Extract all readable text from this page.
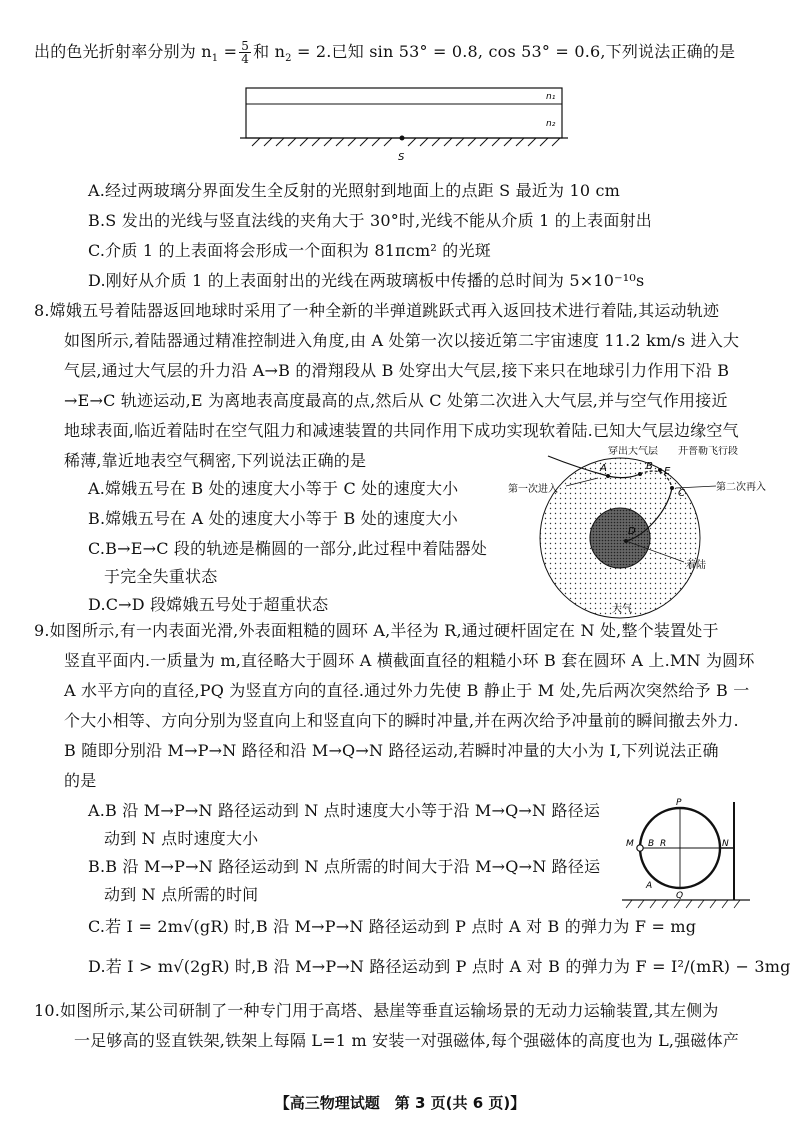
出的色光折射率分别为 $n_1 = \frac{5}{4}$ 和 $n_2 = 2$.已知 sin 53° = 0.8, cos 53° = 0.6,下列说法正确的是
n₁
n₂
S
A.经过两玻璃分界面发生全反射的光照射到地面上的点距 S 最近为 10 cm
B.S 发出的光线与竖直法线的夹角大于 30°时,光线不能从介质 1 的上表面射出
C.介质 1 的上表面将会形成一个面积为 81πcm² 的光斑
D.刚好从介质 1 的上表面射出的光线在两玻璃板中传播的总时间为 5×10⁻¹⁰s
8.嫦娥五号着陆器返回地球时采用了一种全新的半弹道跳跃式再入返回技术进行着陆,其运动轨迹
如图所示,着陆器通过精准控制进入角度,由 A 处第一次以接近第二宇宙速度 11.2 km/s 进入大
气层,通过大气层的升力沿 A→B 的滑翔段从 B 处穿出大气层,接下来只在地球引力作用下沿 B
→E→C 轨迹运动,E 为离地表高度最高的点,然后从 C 处第二次进入大气层,并与空气作用接近
地球表面,临近着陆时在空气阻力和减速装置的共同作用下成功实现软着陆.已知大气层边缘空气
稀薄,靠近地表空气稠密,下列说法正确的是
A.嫦娥五号在 B 处的速度大小等于 C 处的速度大小
B.嫦娥五号在 A 处的速度大小等于 B 处的速度大小
C.B→E→C 段的轨迹是椭圆的一部分,此过程中着陆器处
于完全失重状态
D.C→D 段嫦娥五号处于超重状态
A	B E
C
D
穿出大气层 开普勒飞行段
第一次进入	第二次再入
着陆
大气
9.如图所示,有一内表面光滑,外表面粗糙的圆环 A,半径为 R,通过硬杆固定在 N 处,整个装置处于
竖直平面内.一质量为 m,直径略大于圆环 A 横截面直径的粗糙小环 B 套在圆环 A 上.MN 为圆环
A 水平方向的直径,PQ 为竖直方向的直径.通过外力先使 B 静止于 M 处,先后两次突然给予 B 一
个大小相等、方向分别为竖直向上和竖直向下的瞬时冲量,并在两次给予冲量前的瞬间撤去外力.
B 随即分别沿 M→P→N 路径和沿 M→Q→N 路径运动,若瞬时冲量的大小为 I,下列说法正确
的是
A.B 沿 M→P→N 路径运动到 N 点时速度大小等于沿 M→Q→N 路径运
动到 N 点时速度大小
B.B 沿 M→P→N 路径运动到 N 点所需的时间大于沿 M→Q→N 路径运
动到 N 点所需的时间
C.若 I = 2m√(gR) 时,B 沿 M→P→N 路径运动到 P 点时 A 对 B 的弹力为 F = mg
D.若 I > m√(2gR) 时,B 沿 M→P→N 路径运动到 P 点时 A 对 B 的弹力为 F = I²/(mR) − 3mg
P
Q
M	N
B R
A
10.如图所示,某公司研制了一种专门用于高塔、悬崖等垂直运输场景的无动力运输装置,其左侧为
一足够高的竖直铁架,铁架上每隔 L=1 m 安装一对强磁体,每个强磁体的高度也为 L,强磁体产
【高三物理试题　第 3 页(共 6 页)】
